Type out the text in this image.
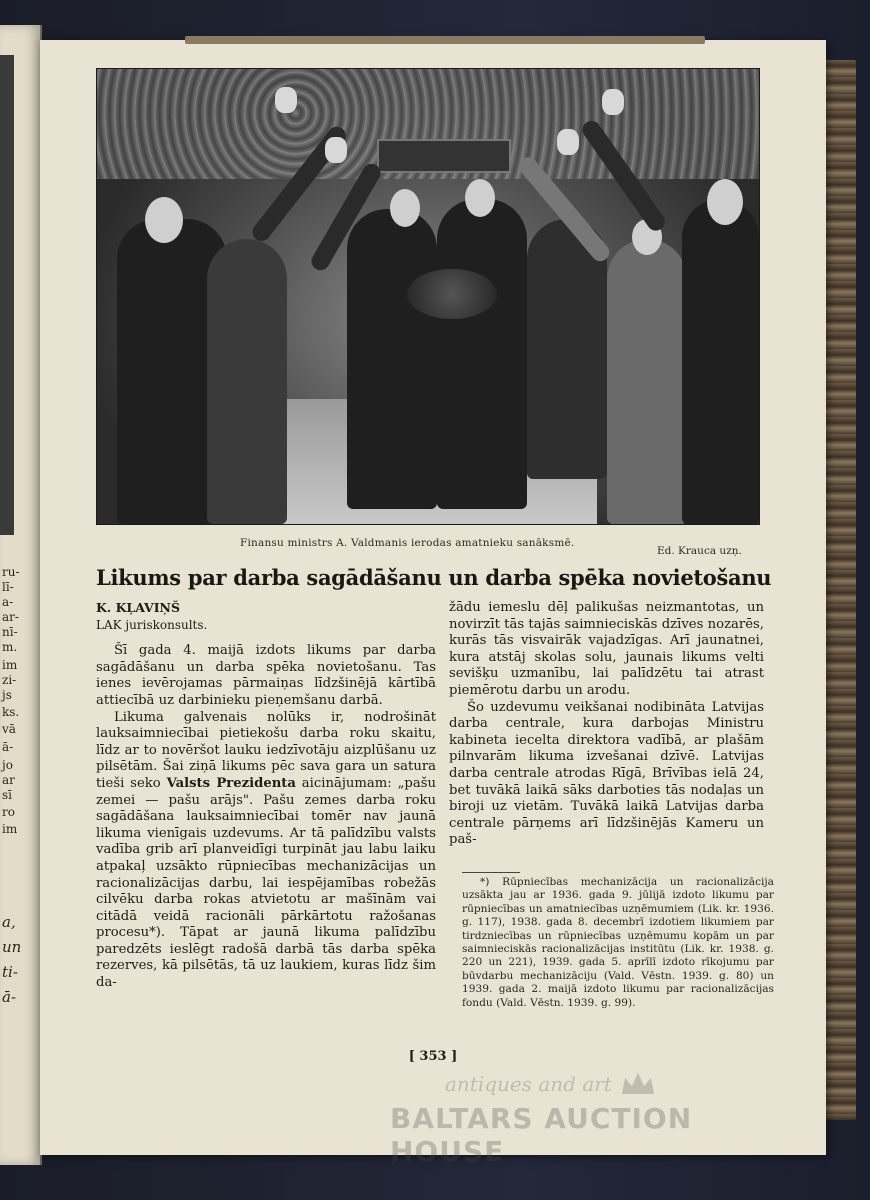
ru-
lī-
a-
ar-
nī-
m.
im
zi-
js
ks.
vā
ā-
jo
ar
sī
ro
im
a,
un
ti-
ā-
Finansu ministrs A. Valdmanis ierodas amatnieku sanāksmē.
Ed. Krauca uzņ.
Likums par darba sagādāšanu un darba spēka novietošanu
K. KĻAVIŅŠ
LAK juriskonsults.

Šī gada 4. maijā izdots likums par darba sagādāšanu un darba spēka novietošanu. Tas ienes ievērojamas pārmaiņas līdzšinējā kārtībā attiecībā uz darbinieku pieņemšanu darbā.

Likuma galvenais nolūks ir, nodrošināt lauksaimniecībai pietiekošu darba roku skaitu, līdz ar to novēršot lauku iedzīvotāju aizplūšanu uz pilsētām. Šai ziņā likums pēc sava gara un satura tieši seko Valsts Prezidenta aicinājumam: „pašu zemei — pašu arājs". Pašu zemes darba roku sagādāšana lauksaimniecībai tomēr nav jaunā likuma vienīgais uzdevums. Ar tā palīdzību valsts vadība grib arī planveidīgi turpināt jau labu laiku atpakaļ uzsākto rūpniecības mechanizācijas un racionalizācijas darbu, lai iespējamības robežās cilvēku darba rokas atvietotu ar mašīnām vai citādā veidā racionāli pārkārtotu ražošanas procesu*). Tāpat ar jaunā likuma palīdzību paredzēts ieslēgt radošā darbā tās darba spēka rezerves, kā pilsētās, tā uz laukiem, kuras līdz šim da-

žādu iemeslu dēļ palikušas neizmantotas, un novirzīt tās tajās saimnieciskās dzīves nozarēs, kurās tās visvairāk vajadzīgas. Arī jaunatnei, kura atstāj skolas solu, jaunais likums velti sevišķu uzmanību, lai palīdzētu tai atrast piemērotu darbu un arodu.

Šo uzdevumu veikšanai nodibināta Latvijas darba centrale, kura darbojas Ministru kabineta iecelta direktora vadībā, ar plašām pilnvarām likuma izvešanai dzīvē. Latvijas darba centrale atrodas Rīgā, Brīvības ielā 24, bet tuvākā laikā sāks darboties tās nodaļas un biroji uz vietām. Tuvākā laikā Latvijas darba centrale pārņems arī līdzšinējās Kameru un paš-

*) Rūpniecības mechanizācija un racionalizācija uzsākta jau ar 1936. gada 9. jūlijā izdoto likumu par rūpniecības un amatniecības uzņēmumiem (Lik. kr. 1936. g. 117), 1938. gada 8. decembrī izdotiem likumiem par tirdzniecības un rūpniecības uzņēmumu kopām un par saimnieciskās racionalizācijas institūtu (Lik. kr. 1938. g. 220 un 221), 1939. gada 5. aprīlī izdoto rīkojumu par būvdarbu mechanizāciju (Vald. Vēstn. 1939. g. 80) un 1939. gada 2. maijā izdoto likumu par racionalizācijas fondu (Vald. Vēstn. 1939. g. 99).

[ 353 ]
antiques and art
BALTARS AUCTION HOUSE
